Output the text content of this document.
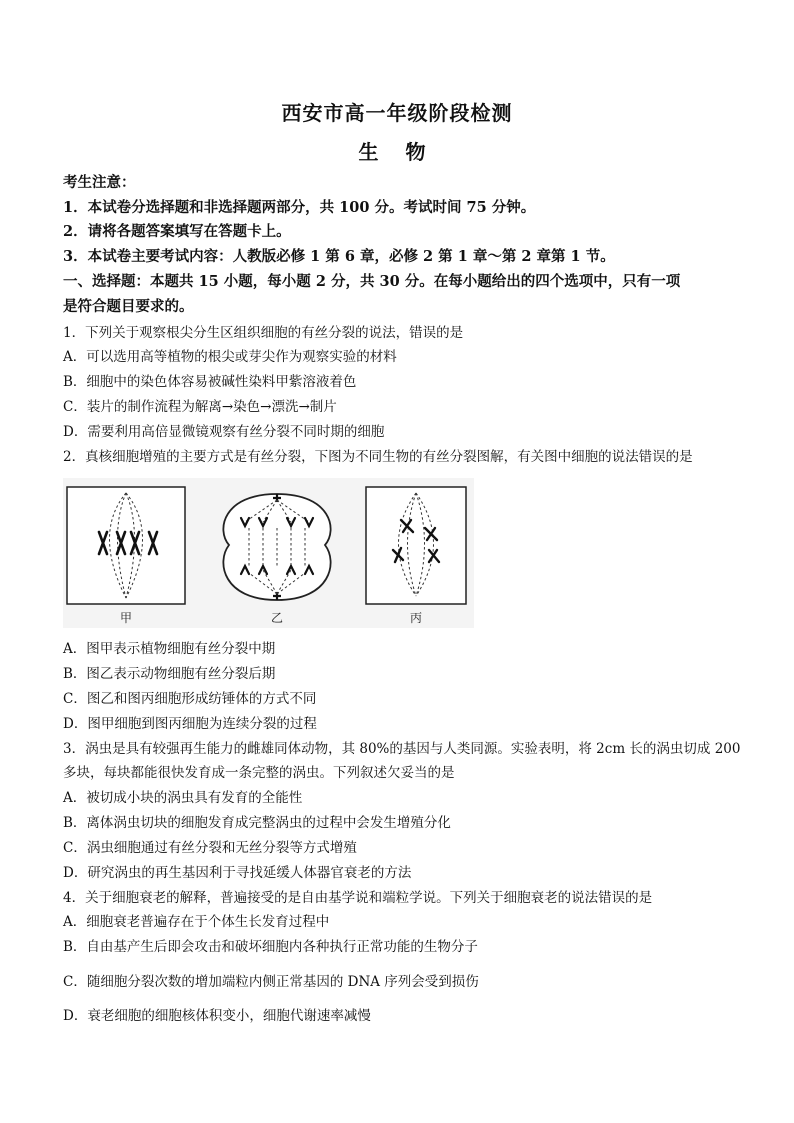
西安市高一年级阶段检测
生 物
考生注意：
1．本试卷分选择题和非选择题两部分，共 100 分。考试时间 75 分钟。
2．请将各题答案填写在答题卡上。
3．本试卷主要考试内容：人教版必修 1 第 6 章，必修 2 第 1 章～第 2 章第 1 节。
一、选择题：本题共 15 小题，每小题 2 分，共 30 分。在每小题给出的四个选项中，只有一项
是符合题目要求的。
1．下列关于观察根尖分生区组织细胞的有丝分裂的说法，错误的是
A．可以选用高等植物的根尖或芽尖作为观察实验的材料
B．细胞中的染色体容易被碱性染料甲紫溶液着色
C．装片的制作流程为解离→染色→漂洗→制片
D．需要利用高倍显微镜观察有丝分裂不同时期的细胞
2．真核细胞增殖的主要方式是有丝分裂，下图为不同生物的有丝分裂图解，有关图中细胞的说法错误的是
甲	乙	丙
A．图甲表示植物细胞有丝分裂中期
B．图乙表示动物细胞有丝分裂后期
C．图乙和图丙细胞形成纺锤体的方式不同
D．图甲细胞到图丙细胞为连续分裂的过程
3．涡虫是具有较强再生能力的雌雄同体动物，其 80%的基因与人类同源。实验表明，将 2cm 长的涡虫切成 200
多块，每块都能很快发育成一条完整的涡虫。下列叙述欠妥当的是
A．被切成小块的涡虫具有发育的全能性
B．离体涡虫切块的细胞发育成完整涡虫的过程中会发生增殖分化
C．涡虫细胞通过有丝分裂和无丝分裂等方式增殖
D．研究涡虫的再生基因利于寻找延缓人体器官衰老的方法
4．关于细胞衰老的解释，普遍接受的是自由基学说和端粒学说。下列关于细胞衰老的说法错误的是
A．细胞衰老普遍存在于个体生长发育过程中
B．自由基产生后即会攻击和破坏细胞内各种执行正常功能的生物分子
C．随细胞分裂次数的增加端粒内侧正常基因的 DNA 序列会受到损伤
D．衰老细胞的细胞核体积变小，细胞代谢速率减慢
